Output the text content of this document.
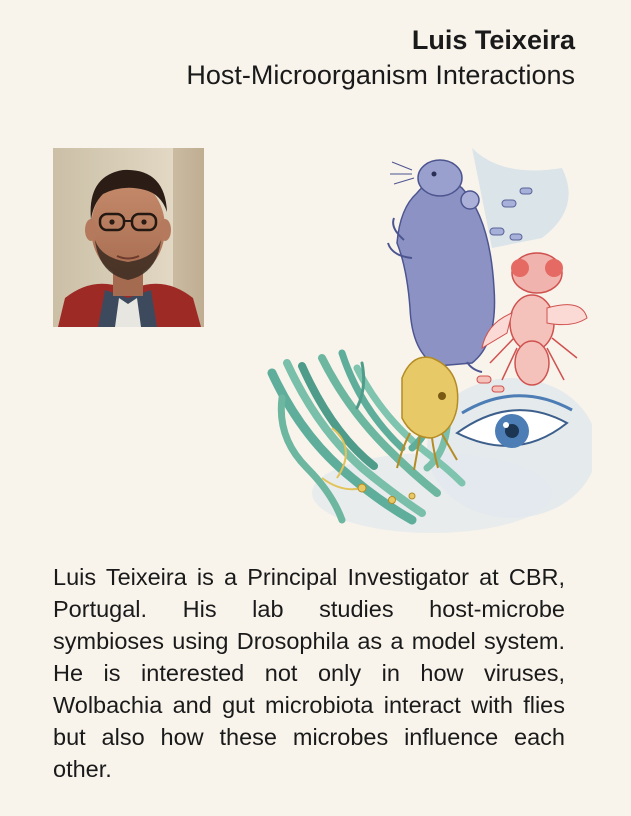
Luis Teixeira
Host-Microorganism Interactions
Luis Teixeira is a Principal Investigator at CBR, Portugal. His lab studies host-microbe symbioses using Drosophila as a model system. He is interested not only in how viruses, Wolbachia and gut microbiota interact with flies but also how these microbes influence each other.
